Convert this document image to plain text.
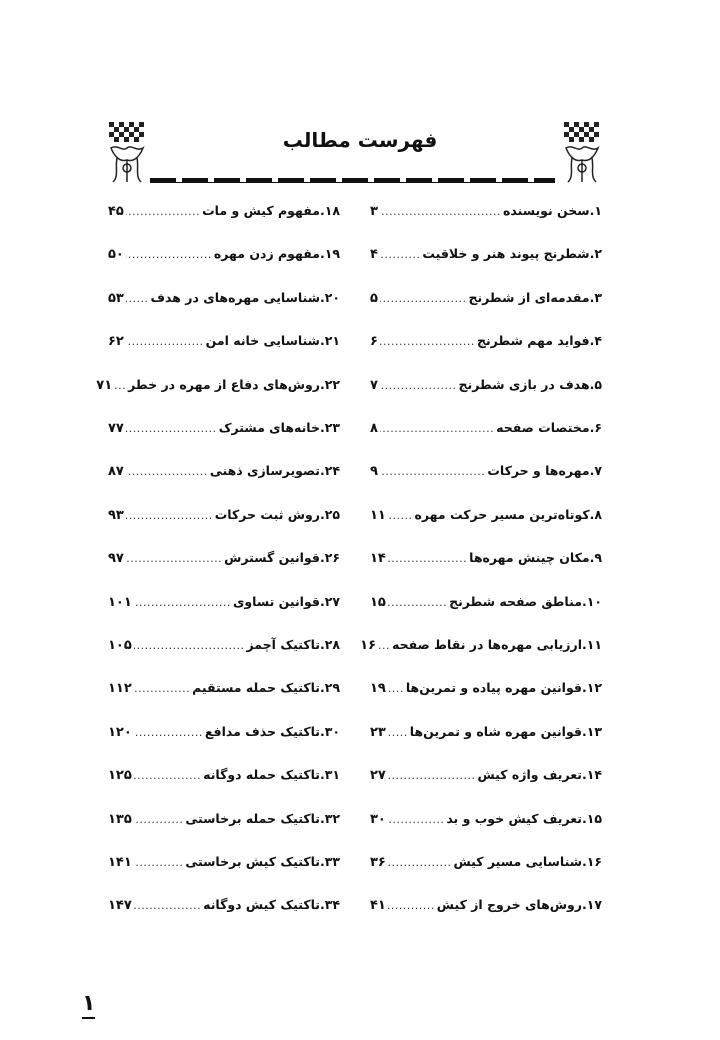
فهرست مطالب
۱.
سخن نویسنده
.....
۳
۱۸.
مفهوم کیش و مات
.....
۴۵
۲.
شطرنج پیوند هنر و خلاقیت
.....
۴
۱۹.
مفهوم زدن مهره
.....
۵۰
۳.
مقدمه‌ای از شطرنج
.....
۵
۲۰.
شناسایی مهره‌های در هدف
.....
۵۳
۴.
فواید مهم شطرنج
.....
۶
۲۱.
شناسایی خانه امن
.....
۶۲
۵.
هدف در بازی شطرنج
.....
۷
۲۲.
روش‌های دفاع از مهره در خطر
.....
۷۱
۶.
مختصات صفحه
.....
۸
۲۳.
خانه‌های مشترک
.....
۷۷
۷.
مهره‌ها و حرکات
.....
۹
۲۴.
تصویرسازی ذهنی
.....
۸۷
۸.
کوتاه‌ترین مسیر حرکت مهره
.....
۱۱
۲۵.
روش ثبت حرکات
.....
۹۳
۹.
مکان چینش مهره‌ها
.....
۱۴
۲۶.
قوانین گسترش
.....
۹۷
۱۰.
مناطق صفحه شطرنج
.....
۱۵
۲۷.
قوانین تساوی
.....
۱۰۱
۱۱.
ارزیابی مهره‌ها در نقاط صفحه
.....
۱۶
۲۸.
تاکتیک آچمز
.....
۱۰۵
۱۲.
قوانین مهره پیاده و تمرین‌ها
.....
۱۹
۲۹.
تاکتیک حمله مستقیم
.....
۱۱۲
۱۳.
قوانین مهره شاه و تمرین‌ها
.....
۲۳
۳۰.
تاکتیک حذف مدافع
.....
۱۲۰
۱۴.
تعریف واژه کیش
.....
۲۷
۳۱.
تاکتیک حمله دوگانه
.....
۱۲۵
۱۵.
تعریف کیش خوب و بد
.....
۳۰
۳۲.
تاکتیک حمله برخاستی
.....
۱۳۵
۱۶.
شناسایی مسیر کیش
.....
۳۶
۳۳.
تاکتیک کیش برخاستی
.....
۱۴۱
۱۷.
روش‌های خروج از کیش
.....
۴۱
۳۴.
تاکتیک کیش دوگانه
.....
۱۴۷
۱
